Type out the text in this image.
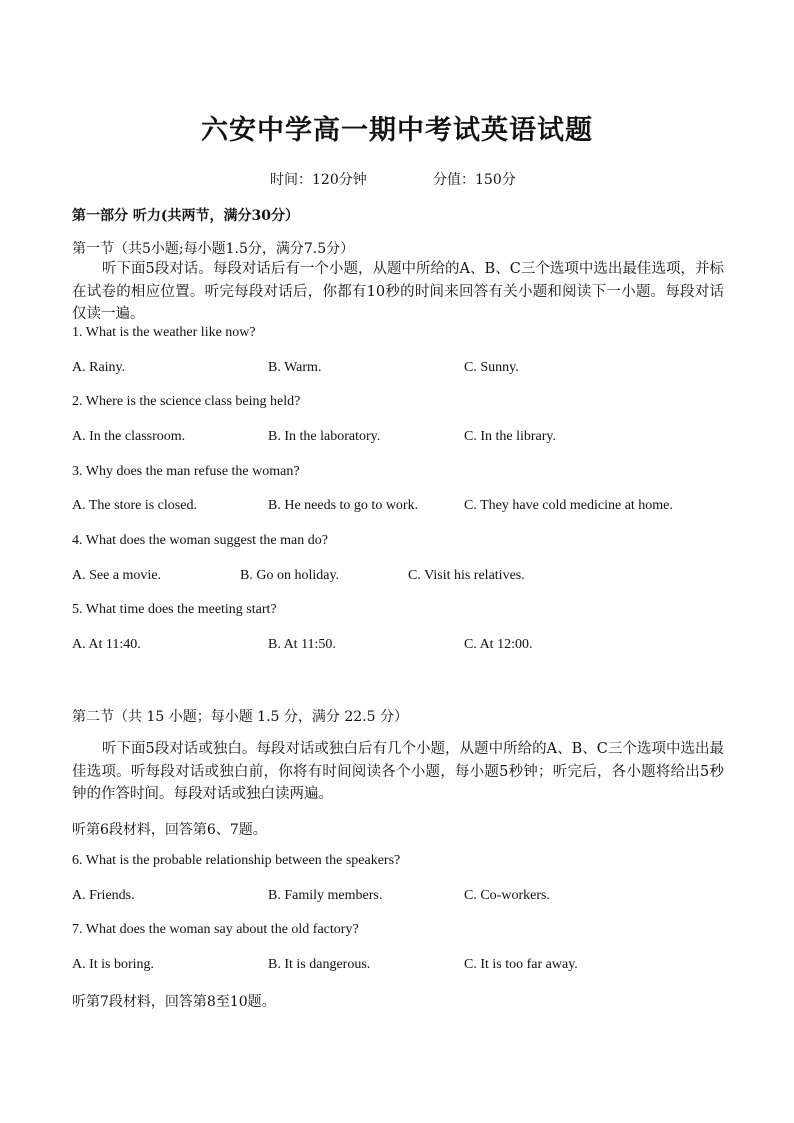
六安中学高一期中考试英语试题
时间：120分钟	分值：150分
第一部分 听力(共两节，满分30分）
第一节（共5小题;每小题1.5分，满分7.5分）
听下面5段对话。每段对话后有一个小题，从题中所给的A、B、C三个选项中选出最佳选项，并标在试卷的相应位置。听完每段对话后，你都有10秒的时间来回答有关小题和阅读下一小题。每段对话仅读一遍。
1. What is the weather like now?
A. Rainy.	B. Warm.	C. Sunny.
2. Where is the science class being held?
A. In the classroom.	B. In the laboratory.	C. In the library.
3. Why does the man refuse the woman?
A. The store is closed.	B. He needs to go to work.	C. They have cold medicine at home.
4. What does the woman suggest the man do?
A. See a movie.	B. Go on holiday.	C. Visit his relatives.
5. What time does the meeting start?
A. At 11:40.	B. At 11:50.	C. At 12:00.
第二节（共 15 小题；每小题 1.5 分，满分 22.5 分）
听下面5段对话或独白。每段对话或独白后有几个小题，从题中所给的A、B、C三个选项中选出最佳选项。听每段对话或独白前，你将有时间阅读各个小题，每小题5秒钟；听完后，各小题将给出5秒钟的作答时间。每段对话或独白读两遍。
听第6段材料，回答第6、7题。
6. What is the probable relationship between the speakers?
A. Friends.	B. Family members.	C. Co-workers.
7. What does the woman say about the old factory?
A. It is boring.	B. It is dangerous.	C. It is too far away.
听第7段材料，回答第8至10题。
